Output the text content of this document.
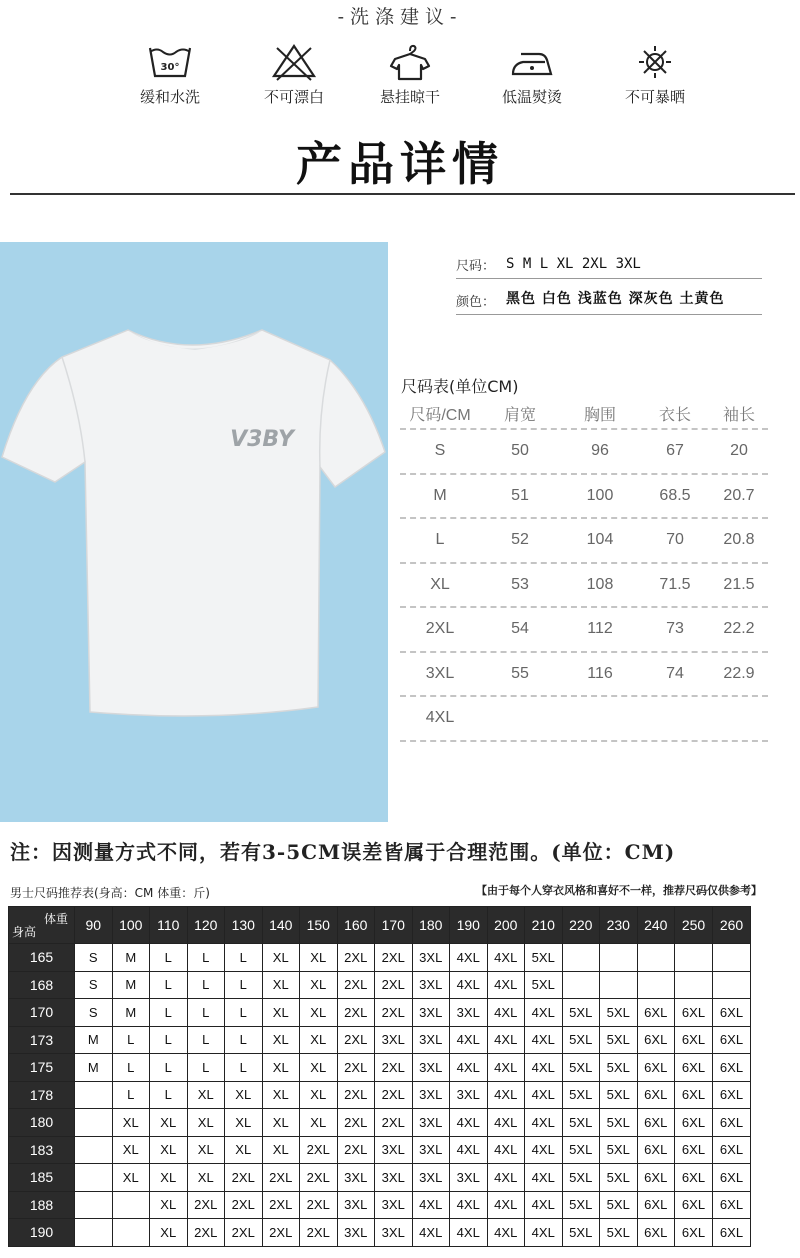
-洗涤建议-
30°
缓和水洗	不可漂白	悬挂晾干	低温熨烫	不可暴晒
产品详情
V3BY
尺码： S M L XL 2XL 3XL
颜色： 黑色 白色 浅蓝色 深灰色 土黄色
尺码表(单位CM)
尺码/CM	肩宽	胸围	衣长	袖长
S	50	96	67	20
M	51	100	68.5	20.7
L	52	104	70	20.8
XL	53	108	71.5	21.5
2XL	54	112	73	22.2
3XL	55	116	74	22.9
4XL
注：因测量方式不同，若有3-5CM误差皆属于合理范围。(单位：CM)
男士尺码推荐表(身高：CM 体重：斤)	【由于每个人穿衣风格和喜好不一样，推荐尺码仅供参考】
体重
身高	90	100	110	120	130	140	150	160	170	180	190	200	210	220	230	240	250	260
165	S	M	L	L	L	XL	XL	2XL	2XL	3XL	4XL	4XL	5XL					
168	S	M	L	L	L	XL	XL	2XL	2XL	3XL	4XL	4XL	5XL					
170	S	M	L	L	L	XL	XL	2XL	2XL	3XL	3XL	4XL	4XL	5XL	5XL	6XL	6XL	6XL
173	M	L	L	L	L	XL	XL	2XL	3XL	3XL	4XL	4XL	4XL	5XL	5XL	6XL	6XL	6XL
175	M	L	L	L	L	XL	XL	2XL	2XL	3XL	4XL	4XL	4XL	5XL	5XL	6XL	6XL	6XL
178		L	L	XL	XL	XL	XL	2XL	2XL	3XL	3XL	4XL	4XL	5XL	5XL	6XL	6XL	6XL
180		XL	XL	XL	XL	XL	XL	2XL	2XL	3XL	4XL	4XL	4XL	5XL	5XL	6XL	6XL	6XL
183		XL	XL	XL	XL	XL	2XL	2XL	3XL	3XL	4XL	4XL	4XL	5XL	5XL	6XL	6XL	6XL
185		XL	XL	XL	2XL	2XL	2XL	3XL	3XL	3XL	3XL	4XL	4XL	5XL	5XL	6XL	6XL	6XL
188			XL	2XL	2XL	2XL	2XL	3XL	3XL	4XL	4XL	4XL	4XL	5XL	5XL	6XL	6XL	6XL
190			XL	2XL	2XL	2XL	2XL	3XL	3XL	4XL	4XL	4XL	4XL	5XL	5XL	6XL	6XL	6XL
